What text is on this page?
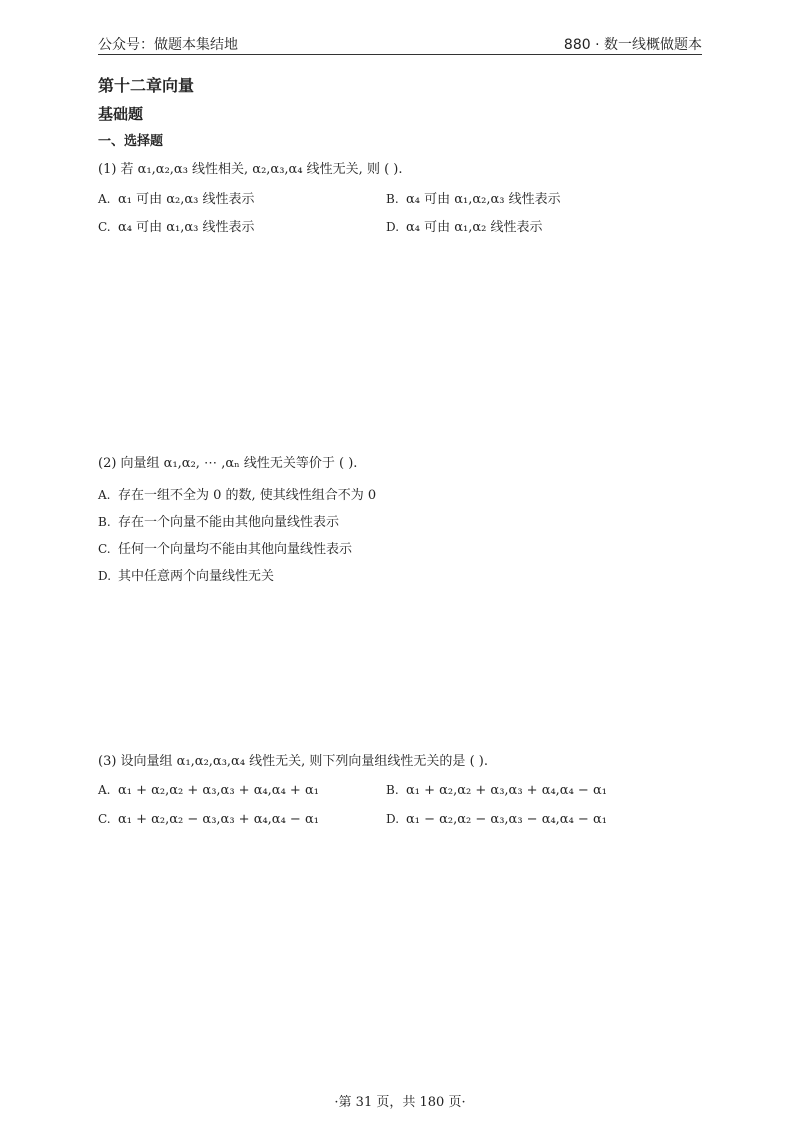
公众号：做题本集结地	880 · 数一线概做题本
第十二章向量
基础题
一、选择题
(1) 若 α₁,α₂,α₃ 线性相关, α₂,α₃,α₄ 线性无关, 则 ( ).
A. α₁ 可由 α₂,α₃ 线性表示	B. α₄ 可由 α₁,α₂,α₃ 线性表示
C. α₄ 可由 α₁,α₃ 线性表示	D. α₄ 可由 α₁,α₂ 线性表示
(2) 向量组 α₁,α₂, ⋯ ,αₙ 线性无关等价于 ( ).
A. 存在一组不全为 0 的数, 使其线性组合不为 0
B. 存在一个向量不能由其他向量线性表示
C. 任何一个向量均不能由其他向量线性表示
D. 其中任意两个向量线性无关
(3) 设向量组 α₁,α₂,α₃,α₄ 线性无关, 则下列向量组线性无关的是 ( ).
A. α₁ + α₂,α₂ + α₃,α₃ + α₄,α₄ + α₁	B. α₁ + α₂,α₂ + α₃,α₃ + α₄,α₄ − α₁
C. α₁ + α₂,α₂ − α₃,α₃ + α₄,α₄ − α₁	D. α₁ − α₂,α₂ − α₃,α₃ − α₄,α₄ − α₁
·第 31 页，共 180 页·
